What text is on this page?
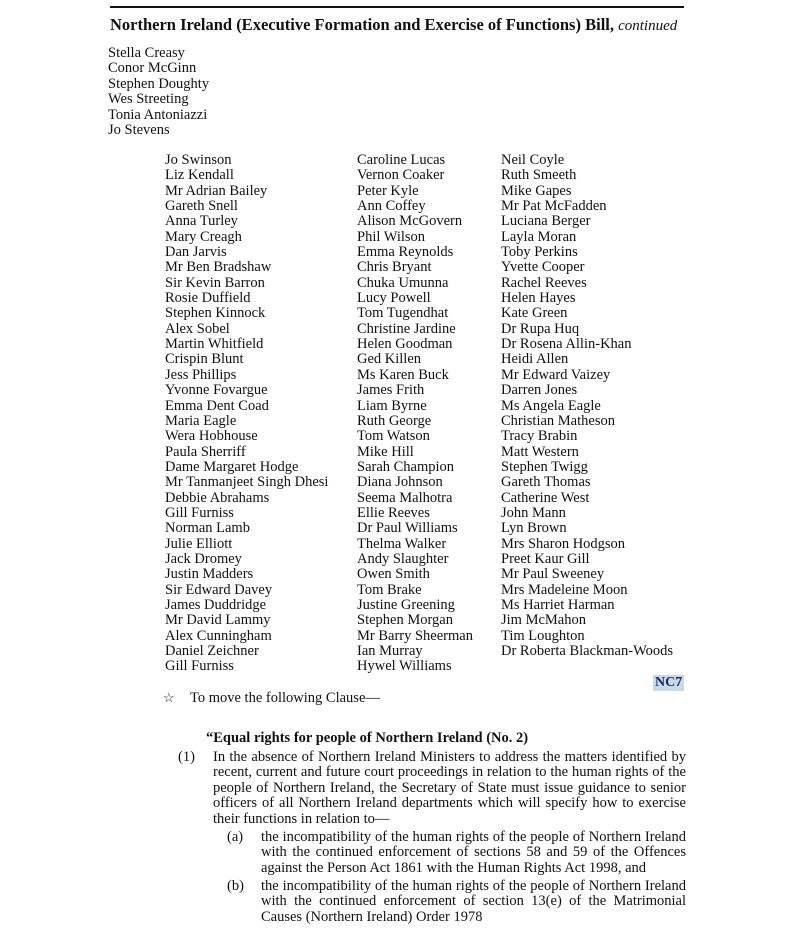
Northern Ireland (Executive Formation and Exercise of Functions) Bill, continued
Stella Creasy
Conor McGinn
Stephen Doughty
Wes Streeting
Tonia Antoniazzi
Jo Stevens
Jo Swinson
Liz Kendall
Mr Adrian Bailey
Gareth Snell
Anna Turley
Mary Creagh
Dan Jarvis
Mr Ben Bradshaw
Sir Kevin Barron
Rosie Duffield
Stephen Kinnock
Alex Sobel
Martin Whitfield
Crispin Blunt
Jess Phillips
Yvonne Fovargue
Emma Dent Coad
Maria Eagle
Wera Hobhouse
Paula Sherriff
Dame Margaret Hodge
Mr Tanmanjeet Singh Dhesi
Debbie Abrahams
Gill Furniss
Norman Lamb
Julie Elliott
Jack Dromey
Justin Madders
Sir Edward Davey
James Duddridge
Mr David Lammy
Alex Cunningham
Daniel Zeichner
Gill Furniss
Caroline Lucas
Vernon Coaker
Peter Kyle
Ann Coffey
Alison McGovern
Phil Wilson
Emma Reynolds
Chris Bryant
Chuka Umunna
Lucy Powell
Tom Tugendhat
Christine Jardine
Helen Goodman
Ged Killen
Ms Karen Buck
James Frith
Liam Byrne
Ruth George
Tom Watson
Mike Hill
Sarah Champion
Diana Johnson
Seema Malhotra
Ellie Reeves
Dr Paul Williams
Thelma Walker
Andy Slaughter
Owen Smith
Tom Brake
Justine Greening
Stephen Morgan
Mr Barry Sheerman
Ian Murray
Hywel Williams
Neil Coyle
Ruth Smeeth
Mike Gapes
Mr Pat McFadden
Luciana Berger
Layla Moran
Toby Perkins
Yvette Cooper
Rachel Reeves
Helen Hayes
Kate Green
Dr Rupa Huq
Dr Rosena Allin-Khan
Heidi Allen
Mr Edward Vaizey
Darren Jones
Ms Angela Eagle
Christian Matheson
Tracy Brabin
Matt Western
Stephen Twigg
Gareth Thomas
Catherine West
John Mann
Lyn Brown
Mrs Sharon Hodgson
Preet Kaur Gill
Mr Paul Sweeney
Mrs Madeleine Moon
Ms Harriet Harman
Jim McMahon
Tim Loughton
Dr Roberta Blackman-Woods
NC7
☆ To move the following Clause—
“Equal rights for people of Northern Ireland (No. 2)
(1) In the absence of Northern Ireland Ministers to address the matters identified by recent, current and future court proceedings in relation to the human rights of the people of Northern Ireland, the Secretary of State must issue guidance to senior officers of all Northern Ireland departments which will specify how to exercise their functions in relation to—
(a) the incompatibility of the human rights of the people of Northern Ireland with the continued enforcement of sections 58 and 59 of the Offences against the Person Act 1861 with the Human Rights Act 1998, and
(b) the incompatibility of the human rights of the people of Northern Ireland with the continued enforcement of section 13(e) of the Matrimonial Causes (Northern Ireland) Order 1978
